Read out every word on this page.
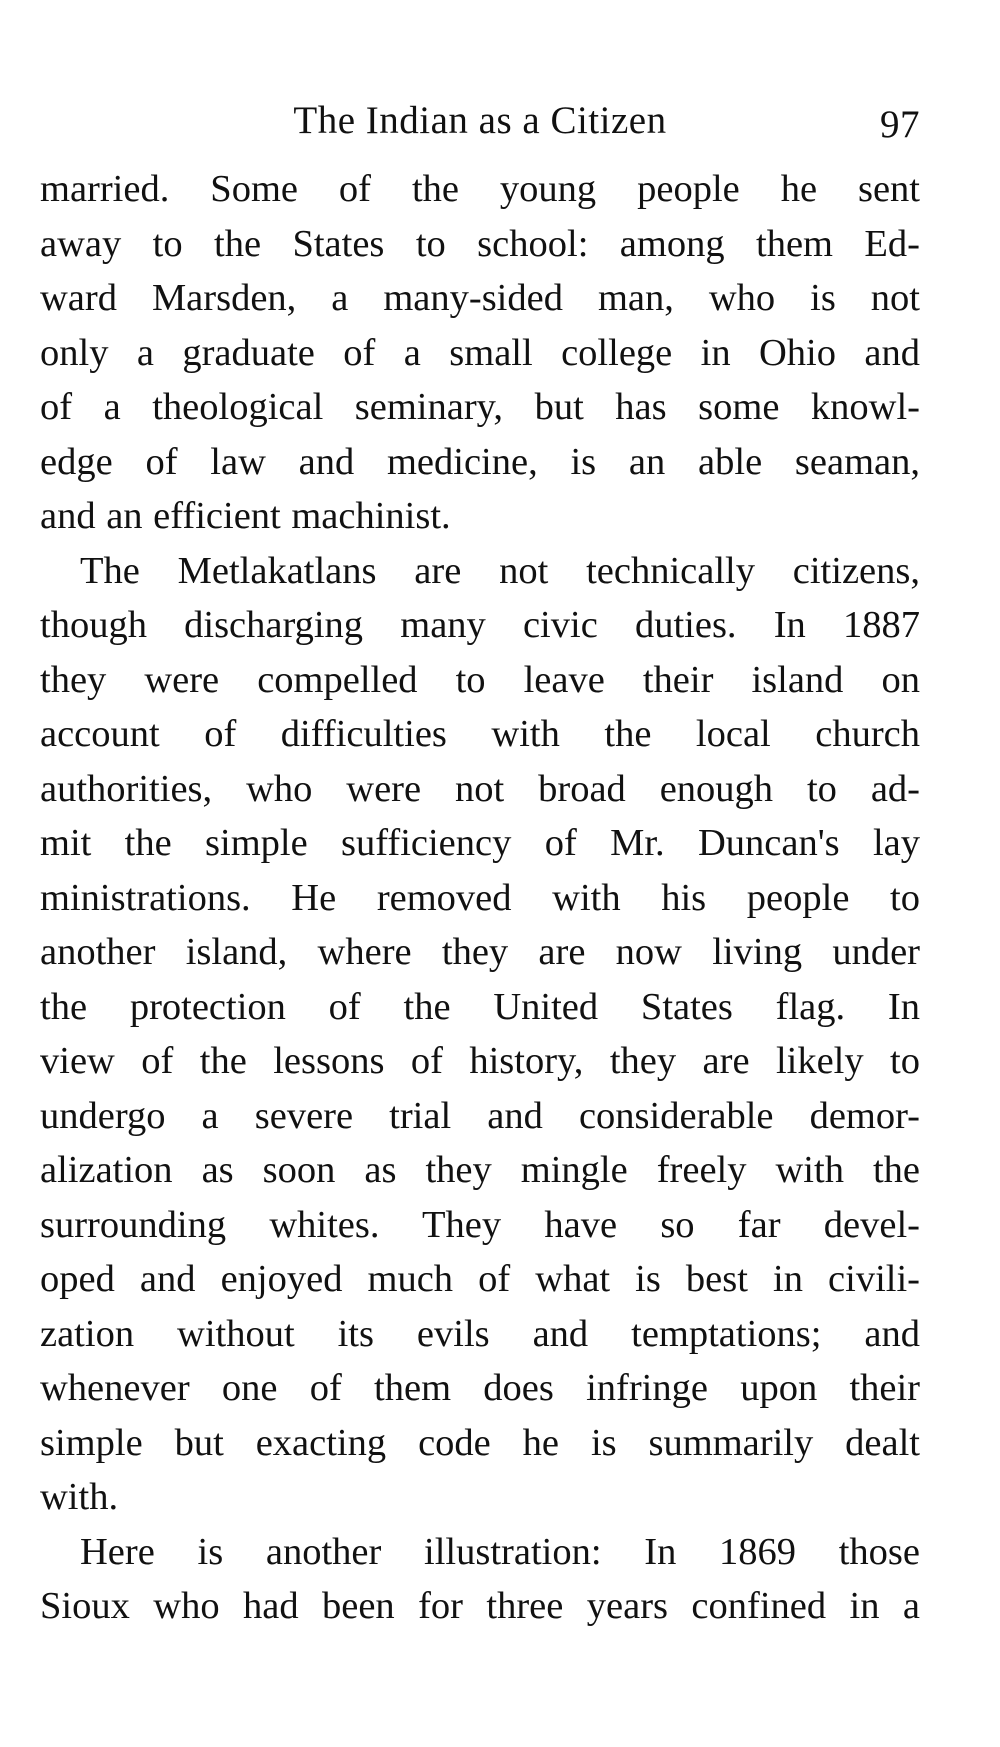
The Indian as a Citizen	97
married. Some of the young people he sent
away to the States to school: among them Ed-
ward Marsden, a many-sided man, who is not
only a graduate of a small college in Ohio and
of a theological seminary, but has some knowl-
edge of law and medicine, is an able seaman,
and an efficient machinist.
The Metlakatlans are not technically citizens,
though discharging many civic duties. In 1887
they were compelled to leave their island on
account of difficulties with the local church
authorities, who were not broad enough to ad-
mit the simple sufficiency of Mr. Duncan's lay
ministrations. He removed with his people to
another island, where they are now living under
the protection of the United States flag. In
view of the lessons of history, they are likely to
undergo a severe trial and considerable demor-
alization as soon as they mingle freely with the
surrounding whites. They have so far devel-
oped and enjoyed much of what is best in civili-
zation without its evils and temptations; and
whenever one of them does infringe upon their
simple but exacting code he is summarily dealt
with.
Here is another illustration: In 1869 those
Sioux who had been for three years confined in a
